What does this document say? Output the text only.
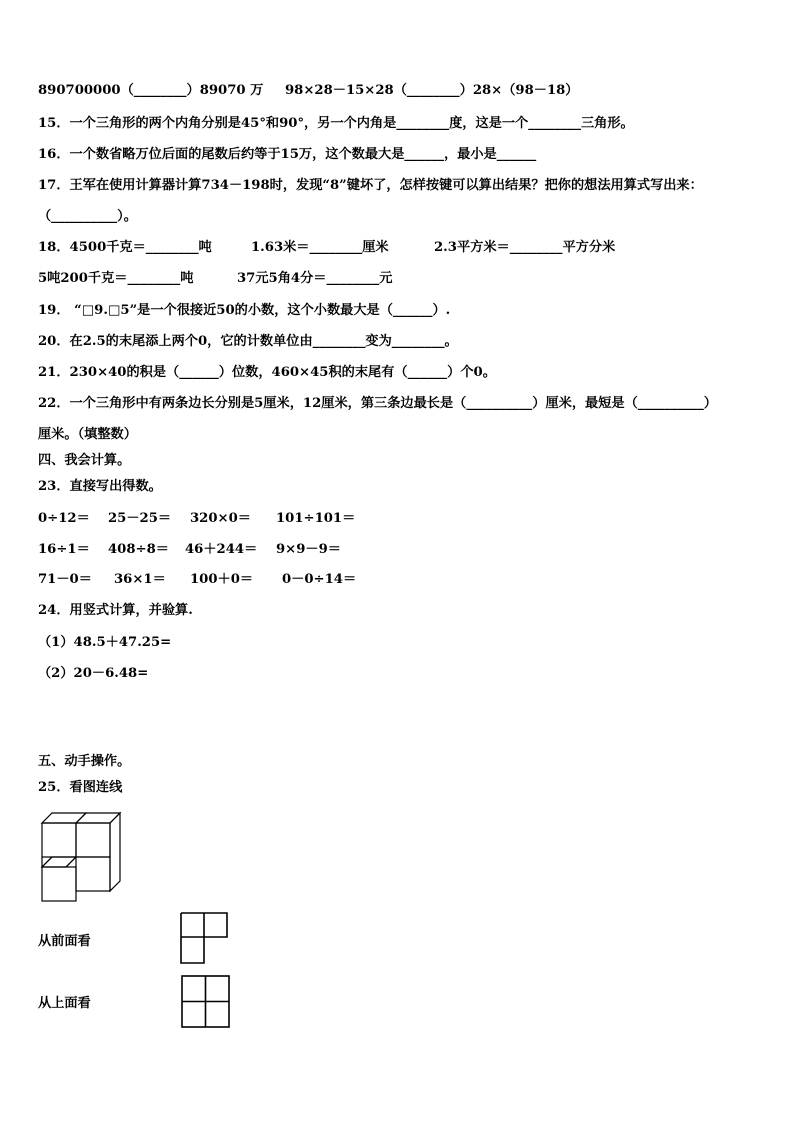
890700000（________）89070 万 98×28－15×28（________）28×（98－18）
15．一个三角形的两个内角分别是45°和90°，另一个内角是________度，这是一个________三角形。
16．一个数省略万位后面的尾数后约等于15万，这个数最大是______，最小是______
17．王军在使用计算器计算734－198时，发现“8”键坏了，怎样按键可以算出结果？把你的想法用算式写出来：
（__________）。
18．4500千克＝________吨	1.63米＝________厘米	2.3平方米＝________平方分米
5吨200千克＝________吨	37元5角4分＝________元
19． “□9.□5”是一个很接近50的小数，这个小数最大是（______）.
20．在2.5的末尾添上两个0，它的计数单位由________变为________。
21．230×40的积是（______）位数，460×45积的末尾有（______）个0。
22．一个三角形中有两条边长分别是5厘米，12厘米，第三条边最长是（__________）厘米，最短是（__________）
厘米。（填整数）
四、我会计算。
23．直接写出得数。
0÷12＝ 25－25＝ 320×0＝ 101÷101＝
16÷1＝ 408÷8＝ 46＋244＝ 9×9－9＝
71－0＝ 36×1＝ 100＋0＝ 0－0÷14＝
24．用竖式计算，并验算.
（1）48.5＋47.25=
（2）20－6.48=
五、动手操作。
25．看图连线
从前面看
从上面看
